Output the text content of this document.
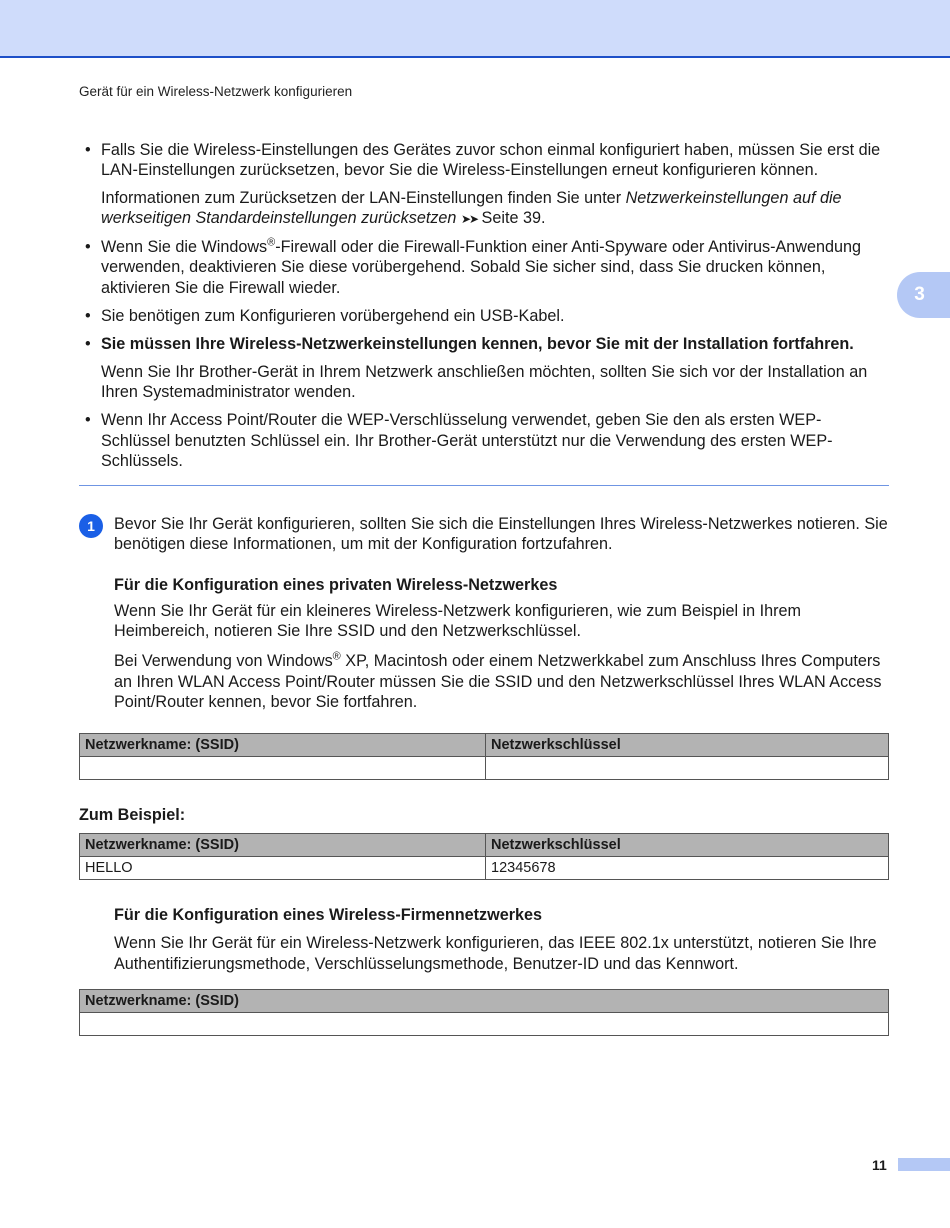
Gerät für ein Wireless-Netzwerk konfigurieren
3
• Falls Sie die Wireless-Einstellungen des Gerätes zuvor schon einmal konfiguriert haben, müssen Sie erst die LAN-Einstellungen zurücksetzen, bevor Sie die Wireless-Einstellungen erneut konfigurieren können.
Informationen zum Zurücksetzen der LAN-Einstellungen finden Sie unter Netzwerkeinstellungen auf die werkseitigen Standardeinstellungen zurücksetzen ➤➤ Seite 39.
• Wenn Sie die Windows®-Firewall oder die Firewall-Funktion einer Anti-Spyware oder Antivirus-Anwendung verwenden, deaktivieren Sie diese vorübergehend. Sobald Sie sicher sind, dass Sie drucken können, aktivieren Sie die Firewall wieder.
• Sie benötigen zum Konfigurieren vorübergehend ein USB-Kabel.
• Sie müssen Ihre Wireless-Netzwerkeinstellungen kennen, bevor Sie mit der Installation fortfahren.
Wenn Sie Ihr Brother-Gerät in Ihrem Netzwerk anschließen möchten, sollten Sie sich vor der Installation an Ihren Systemadministrator wenden.
• Wenn Ihr Access Point/Router die WEP-Verschlüsselung verwendet, geben Sie den als ersten WEP-Schlüssel benutzten Schlüssel ein. Ihr Brother-Gerät unterstützt nur die Verwendung des ersten WEP-Schlüssels.
1	Bevor Sie Ihr Gerät konfigurieren, sollten Sie sich die Einstellungen Ihres Wireless-Netzwerkes notieren. Sie benötigen diese Informationen, um mit der Konfiguration fortzufahren.

Für die Konfiguration eines privaten Wireless-Netzwerkes

Wenn Sie Ihr Gerät für ein kleineres Wireless-Netzwerk konfigurieren, wie zum Beispiel in Ihrem Heimbereich, notieren Sie Ihre SSID und den Netzwerkschlüssel.

Bei Verwendung von Windows® XP, Macintosh oder einem Netzwerkkabel zum Anschluss Ihres Computers an Ihren WLAN Access Point/Router müssen Sie die SSID und den Netzwerkschlüssel Ihres WLAN Access Point/Router kennen, bevor Sie fortfahren.

Netzwerkname: (SSID)	Netzwerkschlüssel

Zum Beispiel:
Netzwerkname: (SSID)	Netzwerkschlüssel
HELLO	12345678
Für die Konfiguration eines Wireless-Firmennetzwerkes

Wenn Sie Ihr Gerät für ein Wireless-Netzwerk konfigurieren, das IEEE 802.1x unterstützt, notieren Sie Ihre Authentifizierungsmethode, Verschlüsselungsmethode, Benutzer-ID und das Kennwort.

Netzwerkname: (SSID)

11
